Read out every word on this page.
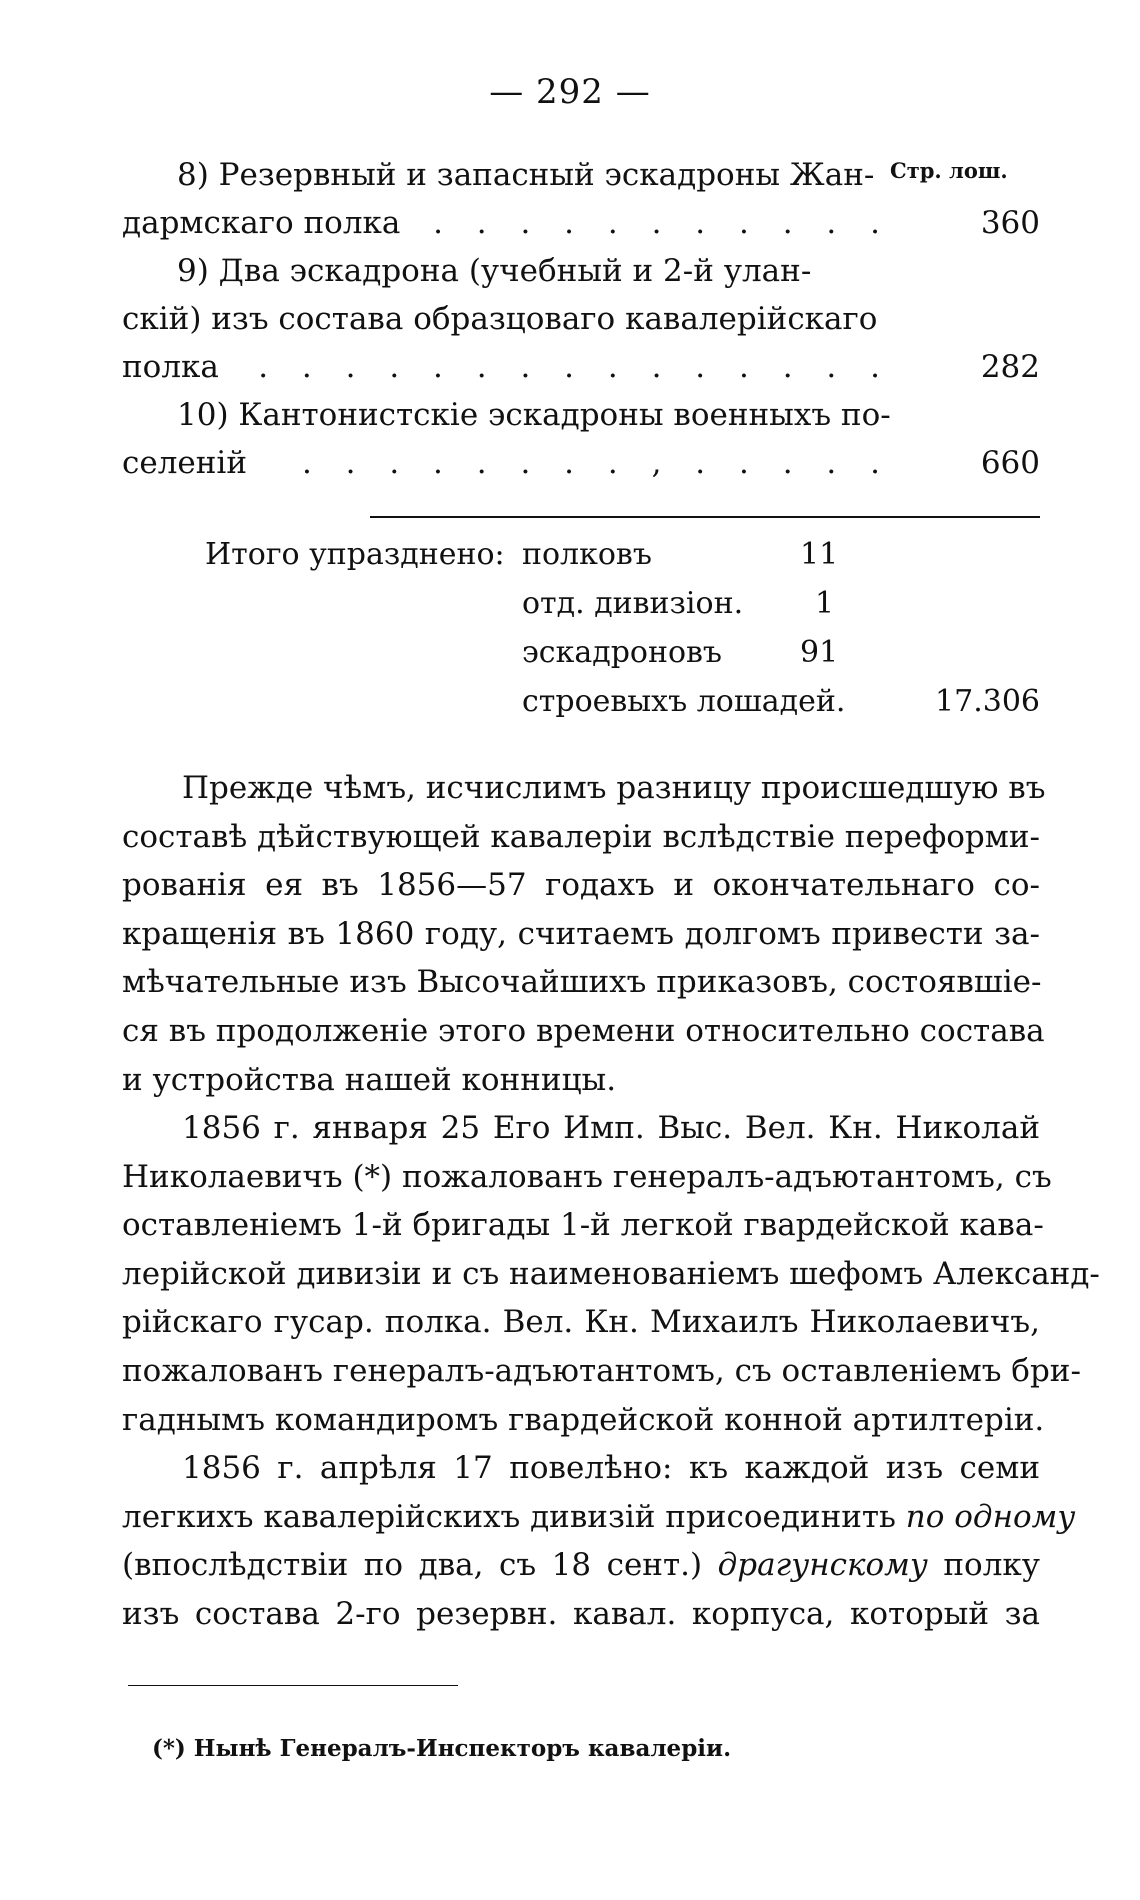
— 292 —
Стр. лош.
8) Резервный и запасный эскадроны Жан-
дармскаго полка	. . . . . . . . . . .	360
9) Два эскадрона (учебный и 2-й улан-
скій) изъ состава образцоваго кавалерійскаго
полка	. . . . . . . . . . . . . . .	282
10) Кантонистскіе эскадроны военныхъ по-
селеній	. . . . . . . . , . . . . .	660
Итого упразднено: полковъ	11
отд. дивизіон. 1
эскадроновъ	91
строевыхъ лошадей.	17.306
Прежде чѣмъ, исчислимъ разницу происшедшую въ
составѣ дѣйствующей кавалеріи вслѣдствіе переформи-
рованія ея въ 1856—57 годахъ и окончательнаго со-
кращенія въ 1860 году, считаемъ долгомъ привести за-
мѣчательные изъ Высочайшихъ приказовъ, состоявшіе-
ся въ продолженіе этого времени относительно состава
и устройства нашей конницы.
1856 г. января 25 Его Имп. Выс. Вел. Кн. Николай
Николаевичъ (*) пожалованъ генералъ-адъютантомъ, съ
оставленіемъ 1-й бригады 1-й легкой гвардейской кава-
лерійской дивизіи и съ наименованіемъ шефомъ Александ-
рійскаго гусар. полка. Вел. Кн. Михаилъ Николаевичъ,
пожалованъ генералъ-адъютантомъ, съ оставленіемъ бри-
гаднымъ командиромъ гвардейской конной артилтеріи.
1856 г. апрѣля 17 повелѣно: къ каждой изъ семи
легкихъ кавалерійскихъ дивизій присоединить по одному
(впослѣдствіи по два, съ 18 сент.) драгунскому полку
изъ состава 2-го резервн. кавал. корпуса, который за
(*) Нынѣ Генералъ-Инспекторъ кавалеріи.
